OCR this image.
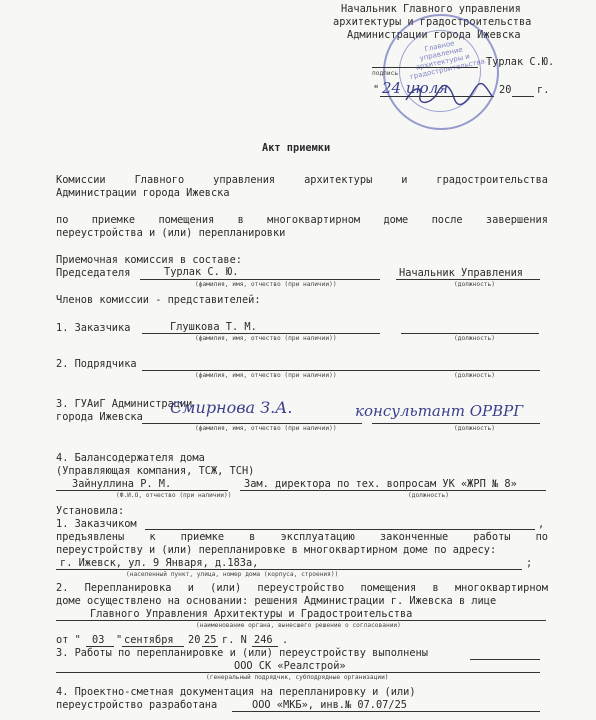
Начальник Главного управления
архитектуры и градостроительства
Администрации города Ижевска
Главное управление архитектуры и градостроительства Турлак С.Ю.
подпись
" 24 июля	20 г.
Акт приемки
Комиссии	Главного	управления	архитектуры	и	градостроительства
Администрации города Ижевска
по приемке помещения в многоквартирном доме после завершения
переустройства и (или) перепланировки
Приемочная комиссия в составе:
Председателя	Турлак С. Ю.	Начальник Управления
(фамилия, имя, отчество (при наличии))	(должность)
Членов комиссии - представителей:
1. Заказчика	Глушкова Т. М.
(фамилия, имя, отчество (при наличии))	(должность)
2. Подрядчика
(фамилия, имя, отчество (при наличии))	(должность)
3. ГУАиГ Администрации
города Ижевска Смирнова З.А.	консультант ОРВРГ
(фамилия, имя, отчество (при наличии))	(должность)
4. Балансодержателя дома
(Управляющая компания, ТСЖ, ТСН)
Зайнуллина Р. М.	Зам. директора по тех. вопросам УК «ЖРП № 8»
(Ф.И.О, отчество (при наличии))	(должность)
Установила:
1. Заказчиком	,
предъявлены к приемке в эксплуатацию законченные работы по
переустройству и (или) перепланировке в многоквартирном доме по адресу:
г. Ижевск, ул. 9 Января, д.183а,	;
(населенный пункт, улица, номер дома (корпуса, строения))
2. Перепланировка и (или) переустройство помещения в многоквартирном
доме осуществлено на основании: решения Администрации г. Ижевска в лице
Главного Управления Архитектуры и Градостроительства
(наименование органа, вынесшего решение о согласовании)
от " 03 " сентября 20 25 г. N 246 .
3. Работы по перепланировке и (или) переустройству выполнены
ООО СК «Реалстрой»
(генеральный подрядчик, субподрядные организации)
4. Проектно-сметная документация на перепланировку и (или)
переустройство разработана	ООО «МКБ», инв.№ 07.07/25
